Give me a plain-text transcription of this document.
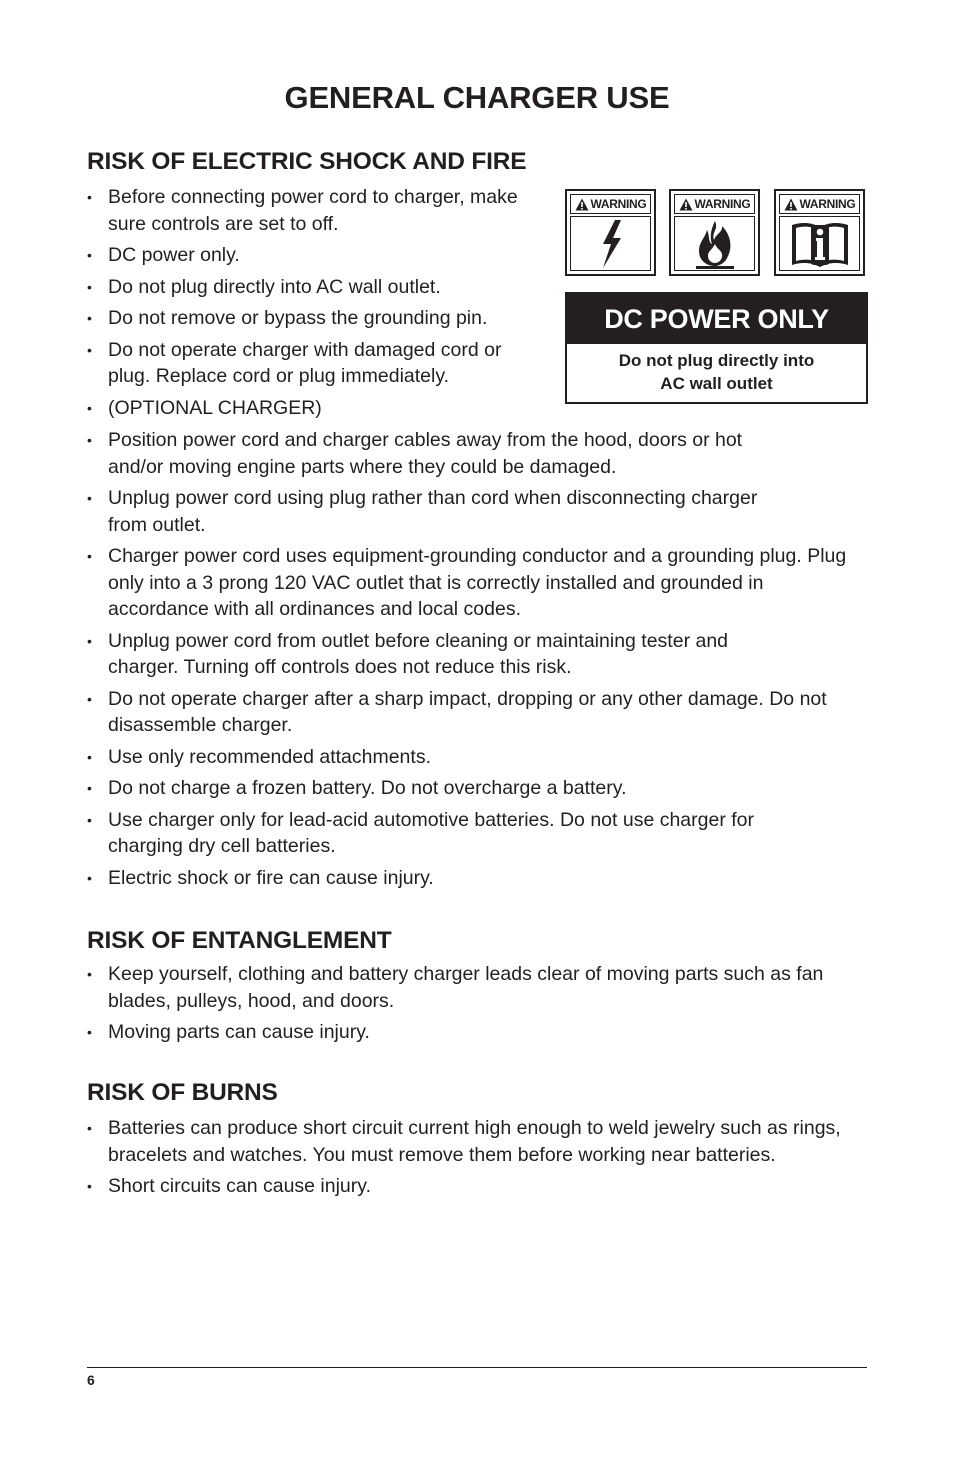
GENERAL CHARGER USE
RISK OF ELECTRIC SHOCK AND FIRE
• Before connecting power cord to charger, make sure controls are set to off.
• DC power only.
• Do not plug directly into AC wall outlet.
• Do not remove or bypass the grounding pin.
• Do not operate charger with damaged cord or plug. Replace cord or plug immediately.
• (OPTIONAL CHARGER)
• Position power cord and charger cables away from the hood, doors or hot and/or moving engine parts where they could be damaged.
• Unplug power cord using plug rather than cord when disconnecting charger from outlet.
• Charger power cord uses equipment-grounding conductor and a grounding plug. Plug only into a 3 prong 120 VAC outlet that is correctly installed and grounded in accordance with all ordinances and local codes.
• Unplug power cord from outlet before cleaning or maintaining tester and charger. Turning off controls does not reduce this risk.
• Do not operate charger after a sharp impact, dropping or any other damage. Do not disassemble charger.
• Use only recommended attachments.
• Do not charge a frozen battery. Do not overcharge a battery.
• Use charger only for lead-acid automotive batteries. Do not use charger for charging dry cell batteries.
• Electric shock or fire can cause injury.
WARNING	WARNING	WARNING
DC POWER ONLY
Do not plug directly into
AC wall outlet
RISK OF ENTANGLEMENT
• Keep yourself, clothing and battery charger leads clear of moving parts such as fan blades, pulleys, hood, and doors.
• Moving parts can cause injury.
RISK OF BURNS
• Batteries can produce short circuit current high enough to weld jewelry such as rings, bracelets and watches. You must remove them before working near batteries.
• Short circuits can cause injury.
6
